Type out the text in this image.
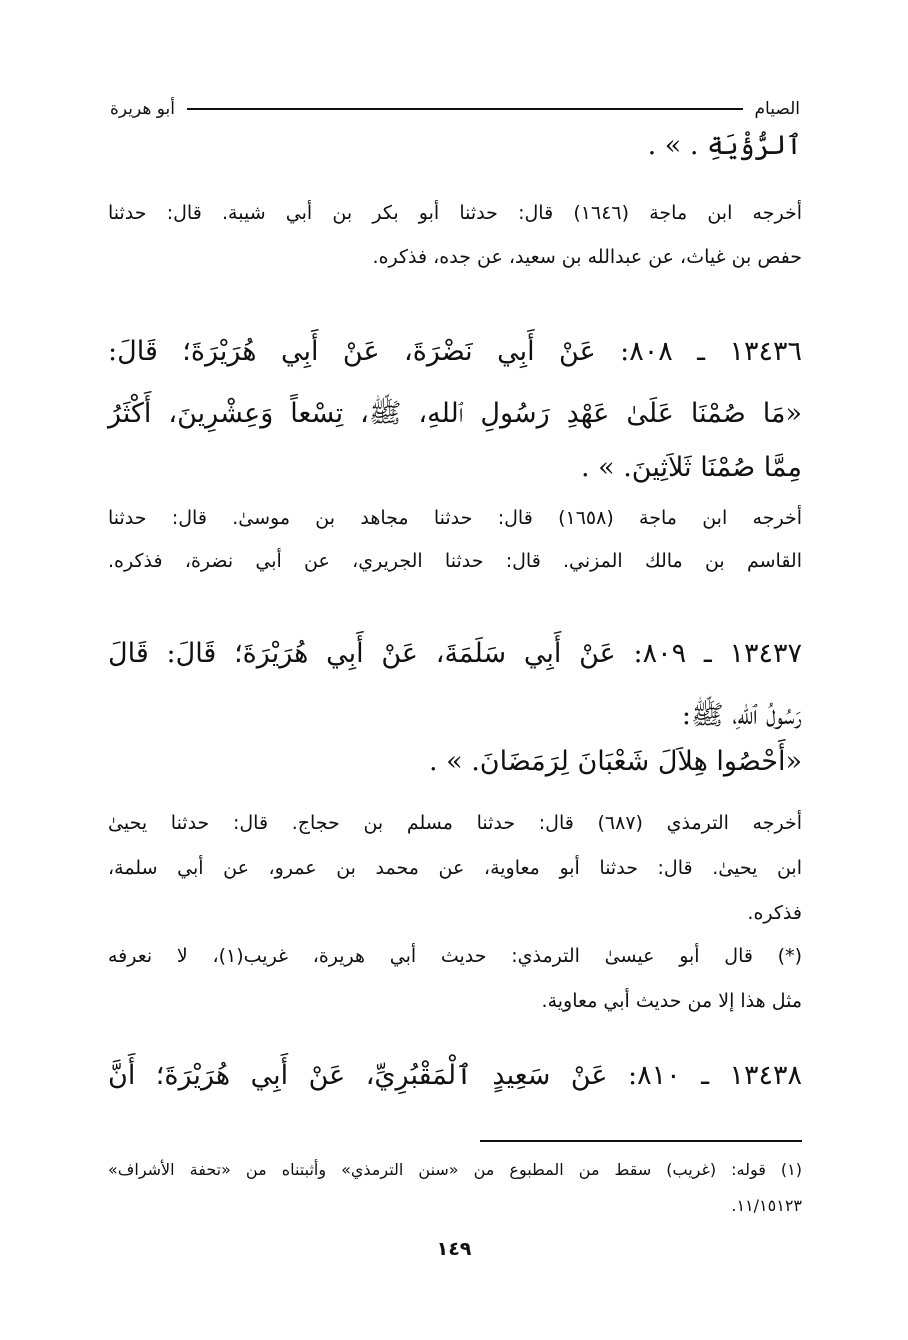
الصيام
أبو هريرة
ٱلرُّؤْيَةِ . » .
أخرجه ابن ماجة (١٦٤٦) قال: حدثنا أبو بكر بن أبي شيبة. قال: حدثنا
حفص بن غياث، عن عبدالله بن سعيد، عن جده، فذكره.
١٣٤٣٦ ـ ٨٠٨: عَنْ أَبِي نَضْرَةَ، عَنْ أَبِي هُرَيْرَةَ؛ قَالَ:
«مَا صُمْنَا عَلَىٰ عَهْدِ رَسُولِ ٱللهِ، ﷺ، تِسْعاً وَعِشْرِينَ، أَكْثَرُ
مِمَّا صُمْنَا ثَلاَثِينَ. » .
أخرجه ابن ماجة (١٦٥٨) قال: حدثنا مجاهد بن موسىٰ. قال: حدثنا
القاسم بن مالك المزني. قال: حدثنا الجريري، عن أبي نضرة، فذكره.
١٣٤٣٧ ـ ٨٠٩: عَنْ أَبِي سَلَمَةَ، عَنْ أَبِي هُرَيْرَةَ؛ قَالَ: قَالَ
رَسُولُ ٱللهِ، ﷺ:
«أَحْصُوا هِلاَلَ شَعْبَانَ لِرَمَضَانَ. » .
أخرجه الترمذي (٦٨٧) قال: حدثنا مسلم بن حجاج. قال: حدثنا يحيىٰ
ابن يحيىٰ. قال: حدثنا أبو معاوية، عن محمد بن عمرو، عن أبي سلمة،
فذكره.
(*) قال أبو عيسىٰ الترمذي: حديث أبي هريرة، غريب(١)، لا نعرفه
مثل هذا إلا من حديث أبي معاوية.
١٣٤٣٨ ـ ٨١٠: عَنْ سَعِيدٍ ٱلْمَقْبُرِيِّ، عَنْ أَبِي هُرَيْرَةَ؛ أَنَّ
(١) قوله: (غريب) سقط من المطبوع من «سنن الترمذي» وأثبتناه من «تحفة الأشراف»
١١/١٥١٢٣.
١٤٩
